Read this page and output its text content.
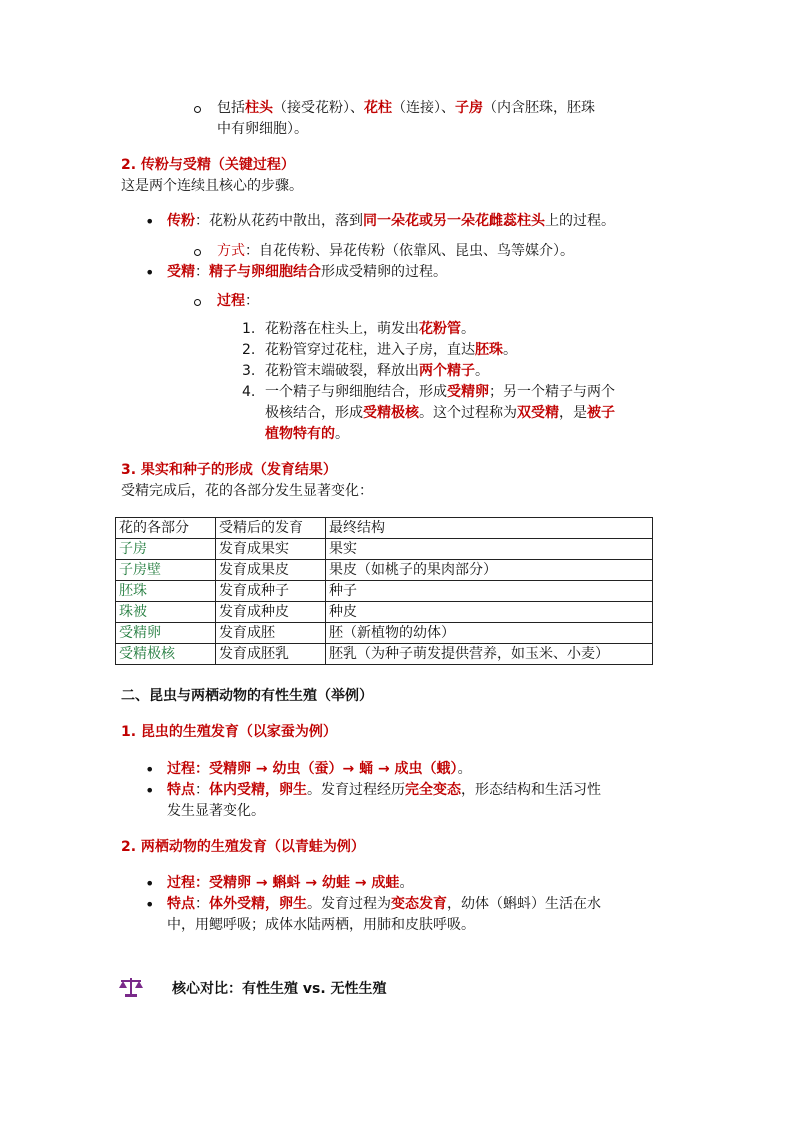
包括柱头（接受花粉）、花柱（连接）、子房（内含胚珠，胚珠
中有卵细胞）。
2. 传粉与受精（关键过程）
这是两个连续且核心的步骤。
• 传粉：花粉从花药中散出，落到同一朵花或另一朵花雌蕊柱头上的过程。
方式：自花传粉、异花传粉（依靠风、昆虫、鸟等媒介）。
• 受精：精子与卵细胞结合形成受精卵的过程。
过程：
1. 花粉落在柱头上，萌发出花粉管。
2. 花粉管穿过花柱，进入子房，直达胚珠。
3. 花粉管末端破裂，释放出两个精子。
4. 一个精子与卵细胞结合，形成受精卵；另一个精子与两个
极核结合，形成受精极核。这个过程称为双受精，是被子
植物特有的。
3. 果实和种子的形成（发育结果）
受精完成后，花的各部分发生显著变化：
花的各部分	受精后的发育	最终结构
子房	发育成果实	果实
子房壁	发育成果皮	果皮（如桃子的果肉部分）
胚珠	发育成种子	种子
珠被	发育成种皮	种皮
受精卵	发育成胚	胚（新植物的幼体）
受精极核	发育成胚乳	胚乳（为种子萌发提供营养，如玉米、小麦）
二、昆虫与两栖动物的有性生殖（举例）
1. 昆虫的生殖发育（以家蚕为例）
• 过程：受精卵 → 幼虫（蚕）→ 蛹 → 成虫（蛾）。
• 特点：体内受精，卵生。发育过程经历完全变态，形态结构和生活习性
发生显著变化。
2. 两栖动物的生殖发育（以青蛙为例）
• 过程：受精卵 → 蝌蚪 → 幼蛙 → 成蛙。
• 特点：体外受精，卵生。发育过程为变态发育，幼体（蝌蚪）生活在水
中，用鳃呼吸；成体水陆两栖，用肺和皮肤呼吸。
核心对比：有性生殖 vs. 无性生殖
